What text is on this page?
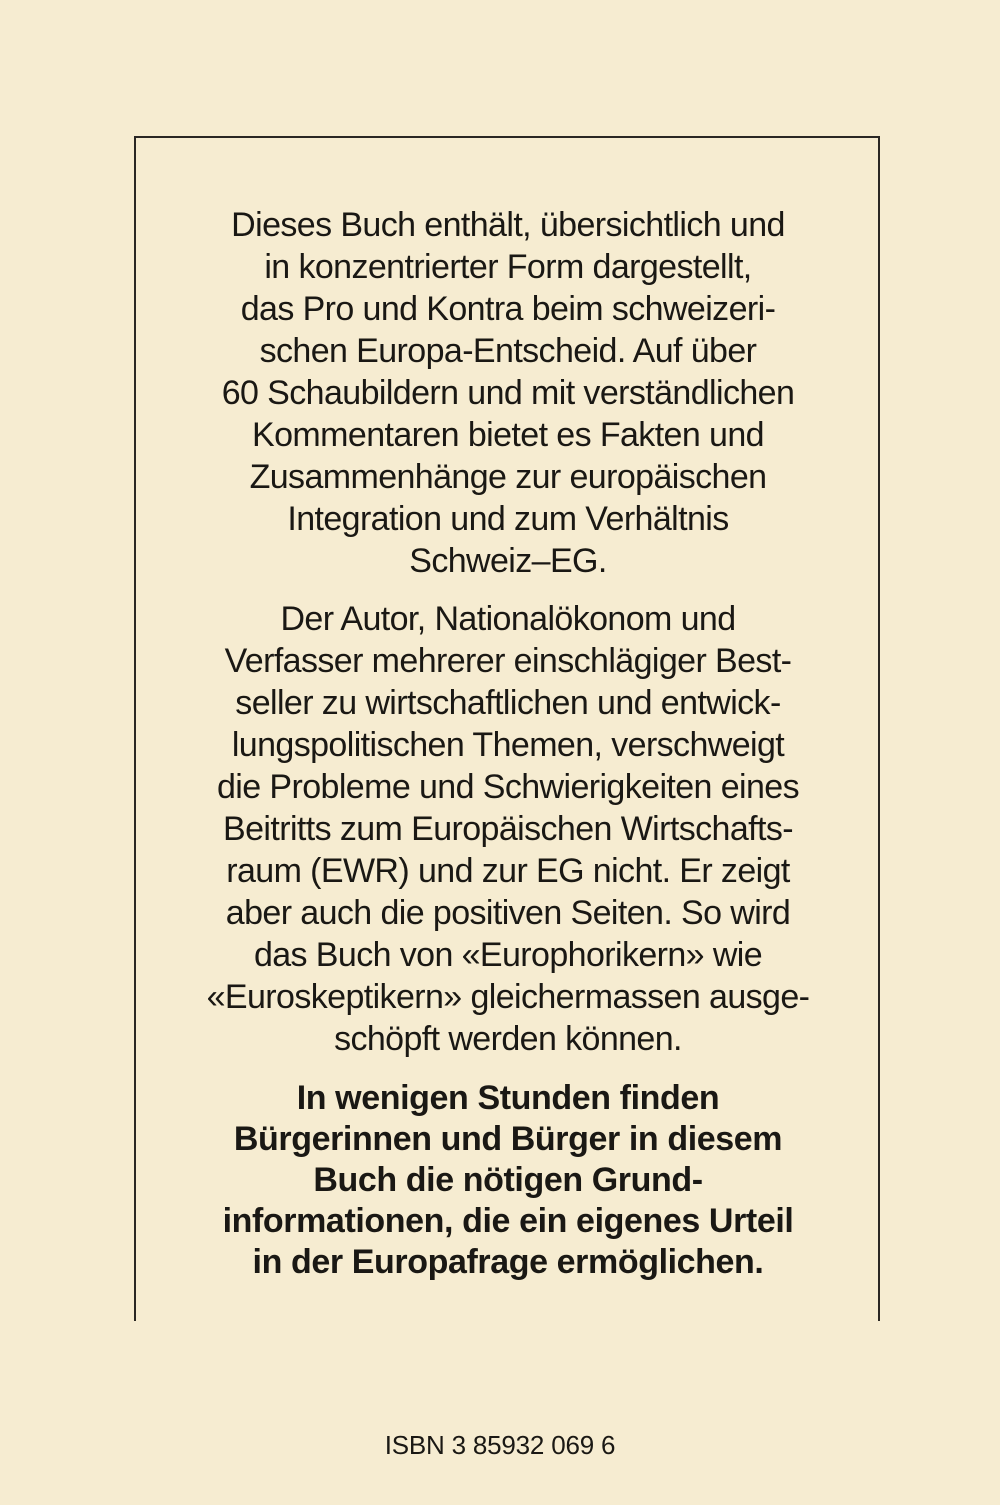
Dieses Buch enthält, übersichtlich und
in konzentrierter Form dargestellt,
das Pro und Kontra beim schweizeri-
schen Europa-Entscheid. Auf über
60 Schaubildern und mit verständlichen
Kommentaren bietet es Fakten und
Zusammenhänge zur europäischen
Integration und zum Verhältnis
Schweiz–EG.
Der Autor, Nationalökonom und
Verfasser mehrerer einschlägiger Best-
seller zu wirtschaftlichen und entwick-
lungspolitischen Themen, verschweigt
die Probleme und Schwierigkeiten eines
Beitritts zum Europäischen Wirtschafts-
raum (EWR) und zur EG nicht. Er zeigt
aber auch die positiven Seiten. So wird
das Buch von «Europhorikern» wie
«Euroskeptikern» gleichermassen ausge-
schöpft werden können.
In wenigen Stunden finden
Bürgerinnen und Bürger in diesem
Buch die nötigen Grund-
informationen, die ein eigenes Urteil
in der Europafrage ermöglichen.
ISBN 3 85932 069 6
